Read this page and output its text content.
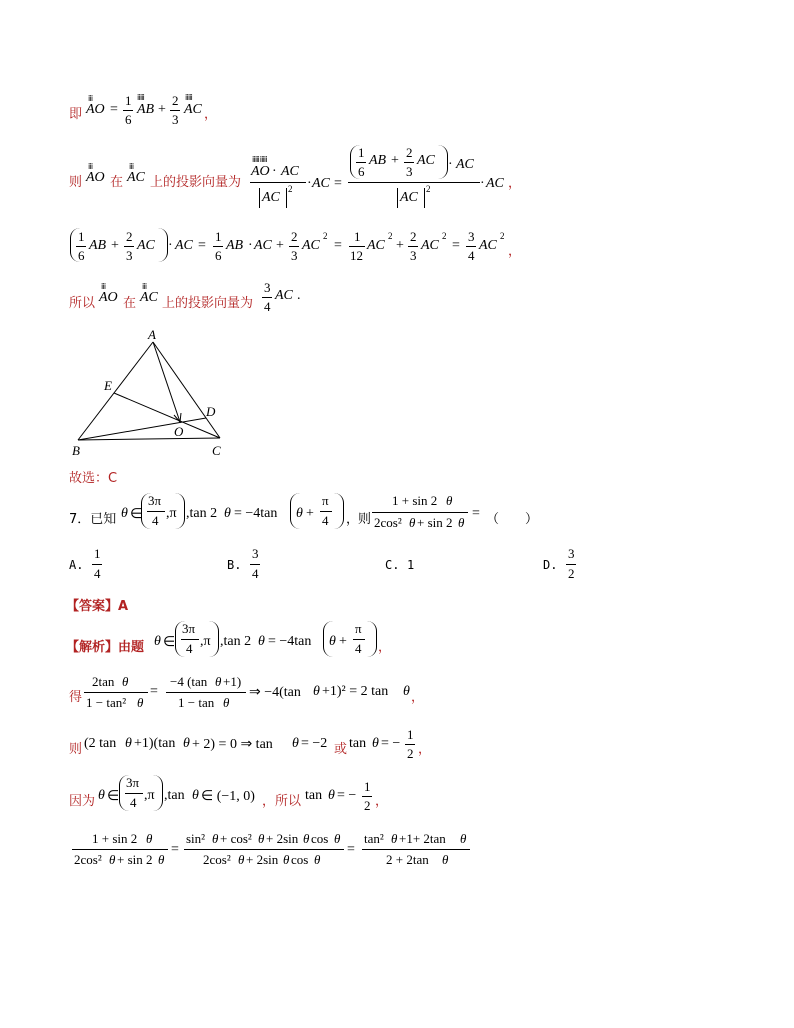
即
ⅲ
AO =
1
6
ⅲⅱ
AB +
2
3
ⅲⅱ
AC ，
则 AO
ⅲ
在 AC
ⅲ
上的投影向量为
ⅲⅱ ⅲⅱ
AO · AC
AC
2 · AC =
1
6
AB +
2
3
AC · AC
AC
2	· AC ，
1
6
AB +
2
3
AC · AC =
1
6
AB · AC +
2
3
AC
2
=
1
12
AC
2
+
2
3
AC
2
=
3
4
AC
2
，
所以 AO
ⅲ
在 AC
ⅲ
上的投影向量为
3
4
AC .
A
E
D
O
B	C
故选：C
7．已知 θ ∈
3π
4 ,π ,tan 2 θ = −4tan θ +
π
4 ，
则
1 + sin 2 θ
2cos² θ + sin 2 θ
= （　　）
A.
1
4
B.
3
4
C. 1	D.
3
2
【答案】A
【解析】由题 θ ∈
3π
4 ,π ,tan 2 θ = −4tan θ +
π
4 ，
得
2tan θ
1 − tan² θ
=
−4 (tan θ +1)
1 − tan θ
⇒ −4(tan θ +1)² = 2 tan θ ，
则 (2 tan θ +1)(tan θ + 2) = 0 ⇒ tan θ = −2 或 tan θ = −
1
2 ，
因为 θ ∈
3π
4 ,π ,tan θ ∈ (−1, 0) ，所以 tan θ = −
1
2 ，
1 + sin 2 θ
2cos² θ + sin 2 θ
=
sin² θ + cos² θ + 2sin θ cos θ
2cos² θ + 2sin θ cos θ
=
tan² θ +1+ 2tan θ
2 + 2tan θ
